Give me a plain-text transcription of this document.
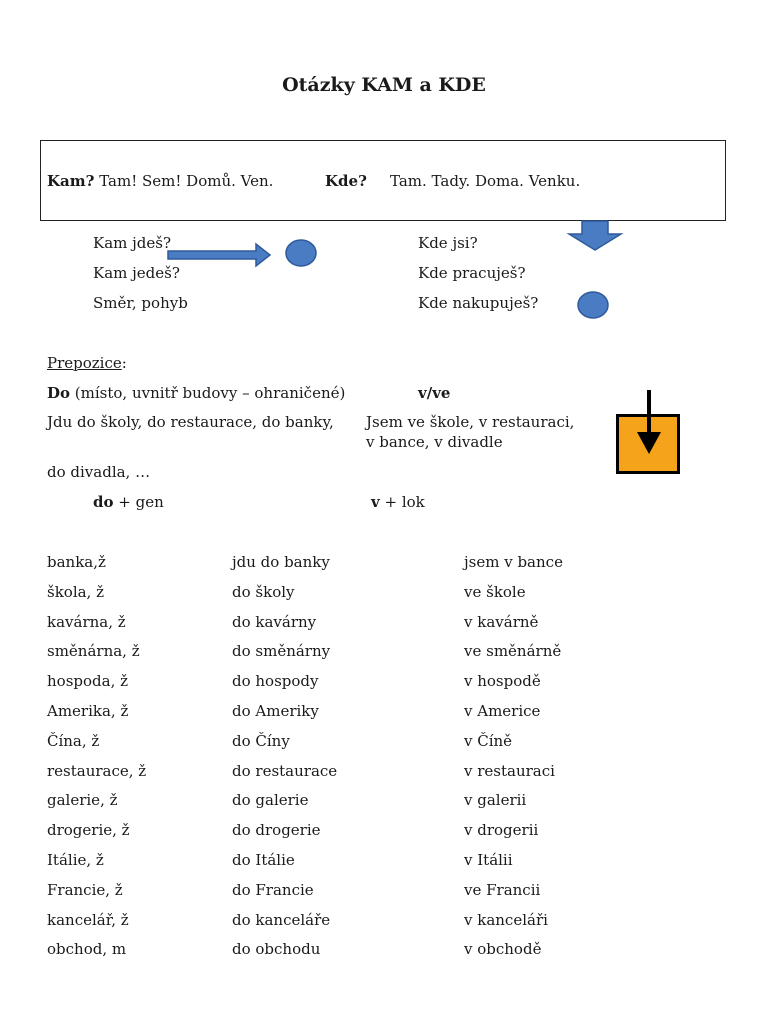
Otázky KAM a KDE
Kam? Tam! Sem! Domů. Ven.	Kde? Tam. Tady. Doma. Venku.
Kam jdeš?
Kam jedeš?
Směr, pohyb
Kde jsi?
Kde pracuješ?
Kde nakupuješ?
Prepozice:
Do (místo, uvnitř budovy – ohraničené)	v/ve
Jdu do školy, do restaurace, do banky, Jsem ve škole, v restauraci,
v bance, v divadle
do divadla, …
do + gen	v + lok
banka,ž	jdu do banky	jsem v bance
škola, ž	do školy	ve škole
kavárna, ž	do kavárny	v kavárně
směnárna, ž	do směnárny	ve směnárně
hospoda, ž	do hospody	v hospodě
Amerika, ž	do Ameriky	v Americe
Čína, ž	do Číny	v Číně
restaurace, ž	do restaurace	v restauraci
galerie, ž	do galerie	v galerii
drogerie, ž	do drogerie	v drogerii
Itálie, ž	do Itálie	v Itálii
Francie, ž	do Francie	ve Francii
kancelář, ž	do kanceláře	v kanceláři
obchod, m	do obchodu	v obchodě
